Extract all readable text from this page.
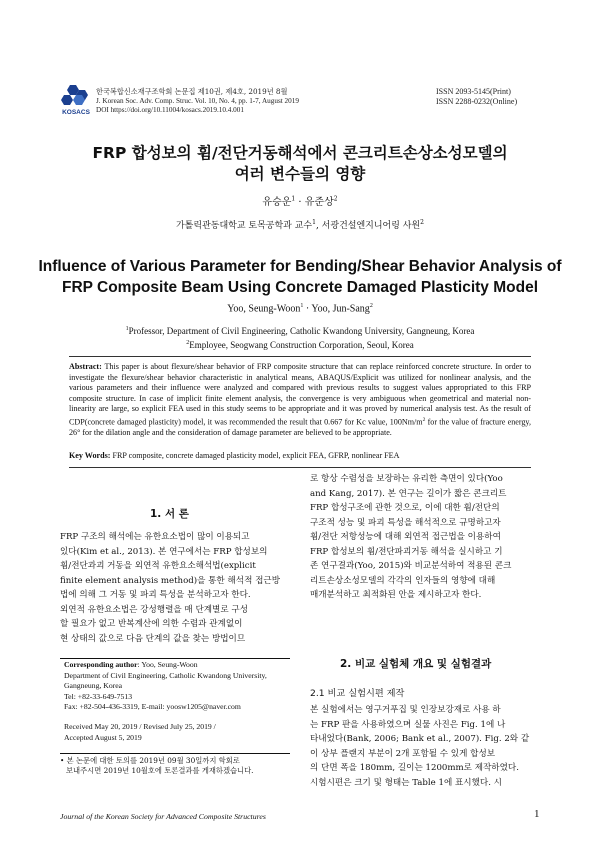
KOSACS
한국복합신소재구조학회 논문집 제10권, 제4호, 2019년 8월
J. Korean Soc. Adv. Comp. Struc. Vol. 10, No. 4, pp. 1-7, August 2019
DOI https://doi.org/10.11004/kosacs.2019.10.4.001
ISSN 2093-5145(Print)
ISSN 2288-0232(Online)
FRP 합성보의 휨/전단거동해석에서 콘크리트손상소성모델의
여러 변수들의 영향
유승운$^1$ · 유준상$^2$
가톨릭관동대학교 토목공학과 교수$^1$, 서광건설엔지니어링 사원$^2$
Influence of Various Parameter for Bending/Shear Behavior Analysis of
FRP Composite Beam Using Concrete Damaged Plasticity Model
Yoo, Seung-Woon$^1$ · Yoo, Jun-Sang$^2$
$^1$Professor, Department of Civil Engineering, Catholic Kwandong University, Gangneung, Korea
$^2$Employee, Seogwang Construction Corporation, Seoul, Korea
Abstract: This paper is about flexure/shear behavior of FRP composite structure that can replace reinforced concrete structure. In order to investigate the flexure/shear behavior characteristic in analytical means, ABAQUS/Explicit was utilized for nonlinear analysis, and the various parameters and their influence were analyzed and compared with previous results to suggest values appropriated to this FRP composite structure. In case of implicit finite element analysis, the convergence is very ambiguous when geometrical and material non-linearity are large, so explicit FEA used in this study seems to be appropriate and it was proved by numerical analysis test. As the result of CDP(concrete damaged plasticity) model, it was recommended the result that 0.667 for Kc value, $100Nm/m^2$ for the value of fracture energy, 26° for the dilation angle and the consideration of damage parameter are believed to be appropriate.
Key Words: FRP composite, concrete damaged plasticity model, explicit FEA, GFRP, nonlinear FEA
1. 서 론
FRP 구조의 해석에는 유한요소법이 많이 이용되고
있다(Kim et al., 2013). 본 연구에서는 FRP 합성보의
휨/전단과괴 거동을 외연적 유한요소해석법(explicit
finite element analysis method)을 통한 해석적 접근방
법에 의해 그 거동 및 파괴 특성을 분석하고자 한다.
외연적 유한요소법은 강성행렬을 매 단계별로 구성
할 필요가 없고 반복계산에 의한 수렴과 관계없이
현 상태의 값으로 다음 단계의 값을 찾는 방법이므
Corresponding author: Yoo, Seung-Woon
Department of Civil Engineering, Catholic Kwandong University,
Gangneung, Korea
Tel: +82-33-649-7513
Fax: +82-504-436-3319, E-mail: yoosw1205@naver.com
Received May 20, 2019 / Revised July 25, 2019 /
Accepted August 5, 2019
• 본 논문에 대한 토의를 2019년 09월 30일까지 학회로
보내주시면 2019년 10월호에 토론결과를 게재하겠습니다.
로 항상 수렴성을 보장하는 유리한 측면이 있다(Yoo
and Kang, 2017). 본 연구는 길이가 짧은 콘크리트
FRP 합성구조에 관한 것으로, 이에 대한 휨/전단의
구조적 성능 및 파괴 특성을 해석적으로 규명하고자
휨/전단 저항성능에 대해 외연적 접근법을 이용하여
FRP 합성보의 휨/전단파괴거동 해석을 실시하고 기
존 연구결과(Yoo, 2015)와 비교분석하여 적용된 콘크
리트손상소성모델의 각각의 인자들의 영향에 대해
매개분석하고 최적화된 안을 제시하고자 한다.
2. 비교 실험체 개요 및 실험결과
2.1 비교 실험시편 제작
본 실험에서는 영구거푸집 및 인장보강재로 사용 하
는 FRP 판을 사용하였으며 실물 사진은 Fig. 1에 나
타내었다(Bank, 2006; Bank et al., 2007). Fig. 2와 같
이 상부 플랜지 부분이 2개 포함될 수 있게 합성보
의 단면 폭을 180mm, 길이는 1200mm로 제작하였다.
시험시편은 크기 및 형태는 Table 1에 표시했다. 시
Journal of the Korean Society for Advanced Composite Structures	1
